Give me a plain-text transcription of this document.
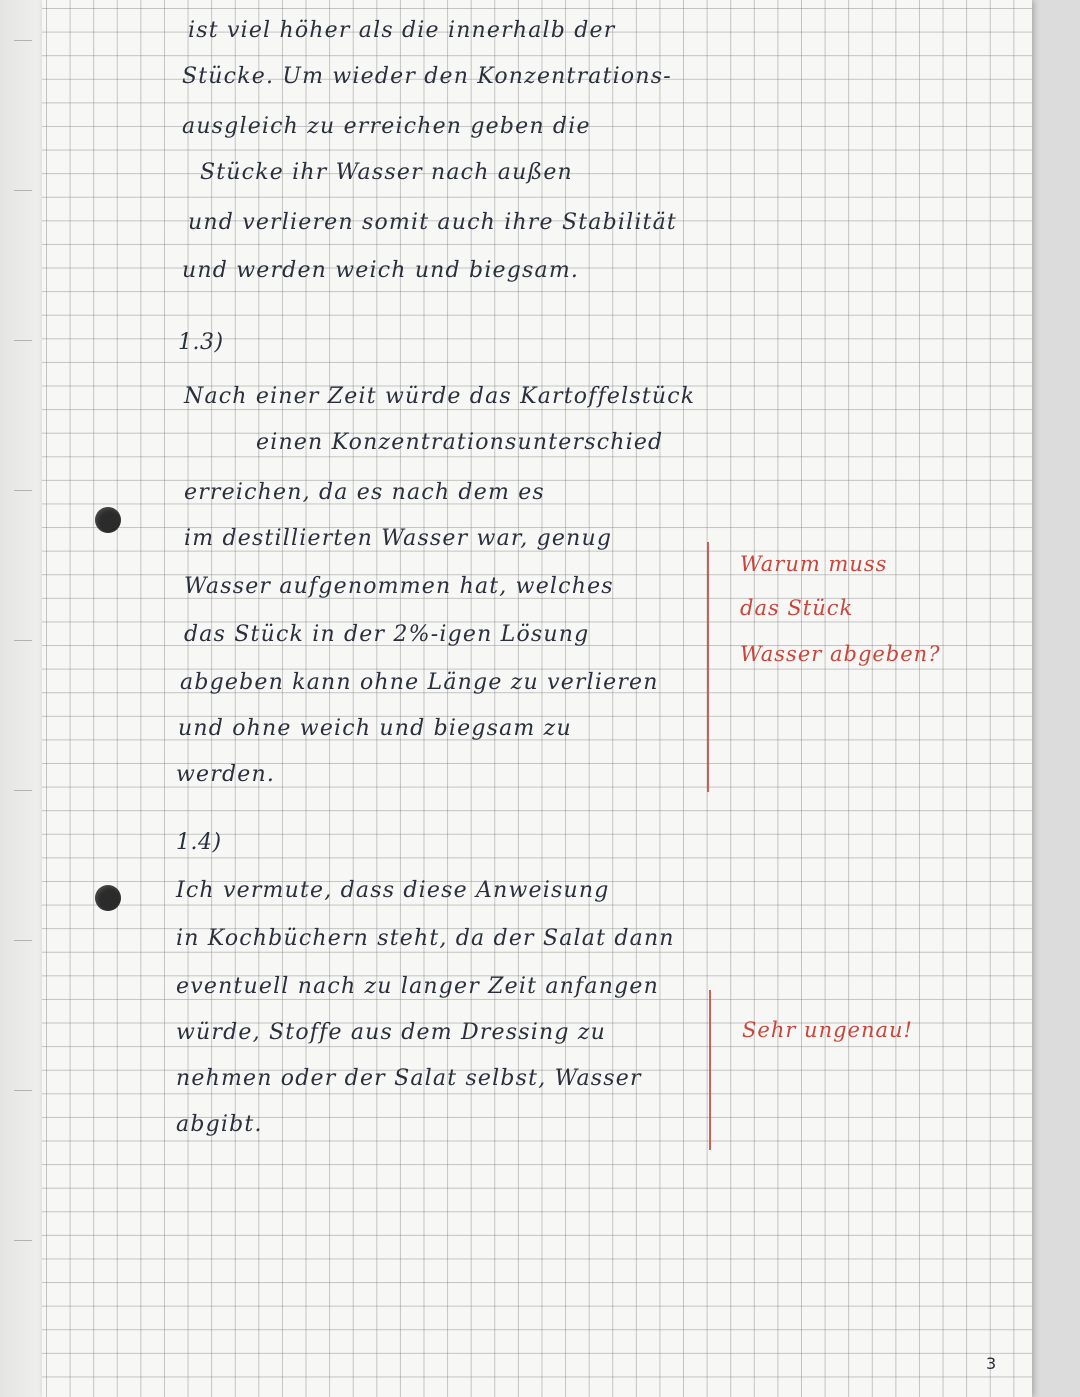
ist viel höher als die innerhalb der
Stücke. Um wieder den Konzentrations-
ausgleich zu erreichen geben die
Stücke ihr Wasser nach außen
und verlieren somit auch ihre Stabilität
und werden weich und biegsam.
1.3)
Nach einer Zeit würde das Kartoffelstück
einen Konzentrationsunterschied
erreichen, da es nach dem es
im destillierten Wasser war, genug
Wasser aufgenommen hat, welches
das Stück in der 2%-igen Lösung
abgeben kann ohne Länge zu verlieren
und ohne weich und biegsam zu
werden.
Warum muss
das Stück
Wasser abgeben?
1.4)
Ich vermute, dass diese Anweisung
in Kochbüchern steht, da der Salat dann
eventuell nach zu langer Zeit anfangen
würde, Stoffe aus dem Dressing zu
nehmen oder der Salat selbst, Wasser
abgibt.
Sehr ungenau!
3
